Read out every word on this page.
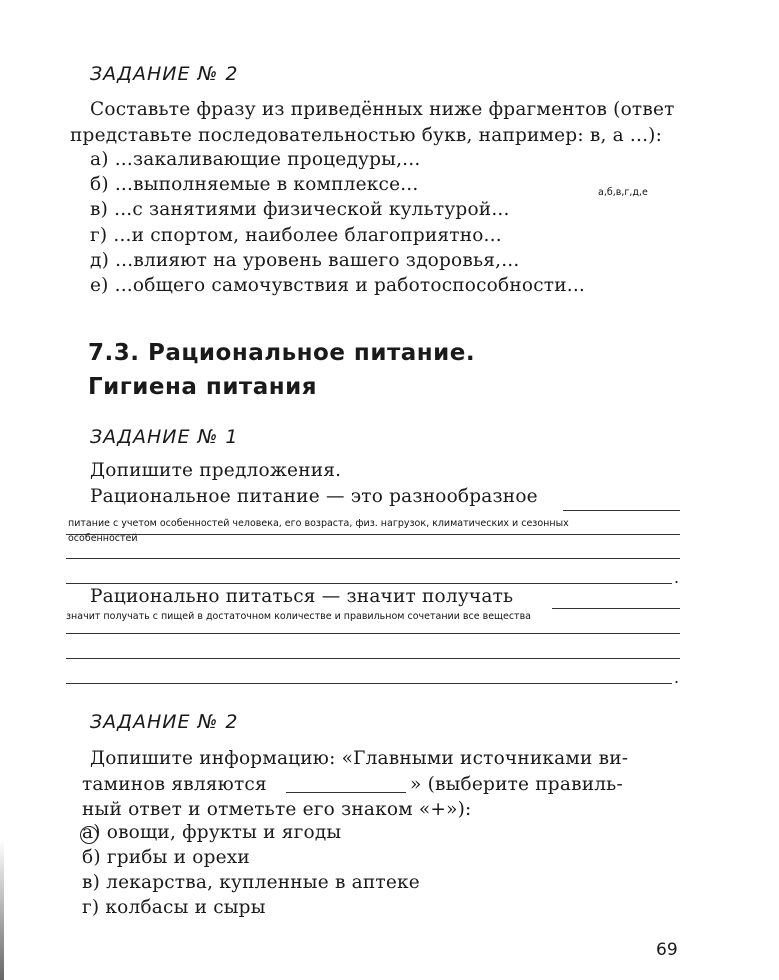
ЗАДАНИЕ № 2
Составьте фразу из приведённых ниже фрагментов (ответ
представьте последовательностью букв, например: в, а ...):
а) ...закаливающие процедуры,...
б) ...выполняемые в комплексе...
в) ...с занятиями физической культурой...
г) ...и спортом, наиболее благоприятно...
д) ...влияют на уровень вашего здоровья,...
е) ...общего самочувствия и работоспособности...
а,б,в,г,д,е
7.3. Рациональное питание.
Гигиена питания
ЗАДАНИЕ № 1
Допишите предложения.
Рациональное питание — это разнообразное
питание с учетом особенностей человека, его возраста, физ. нагрузок, климатических и сезонных
особенностей
.
Рационально питаться — значит получать
значит получать с пищей в достаточном количестве и правильном сочетании все вещества
.
ЗАДАНИЕ № 2
Допишите информацию: «Главными источниками ви-
таминов являются	» (выберите правиль-
ный ответ и отметьте его знаком «+»):
а) овощи, фрукты и ягоды
б) грибы и орехи
в) лекарства, купленные в аптеке
г) колбасы и сыры
69
